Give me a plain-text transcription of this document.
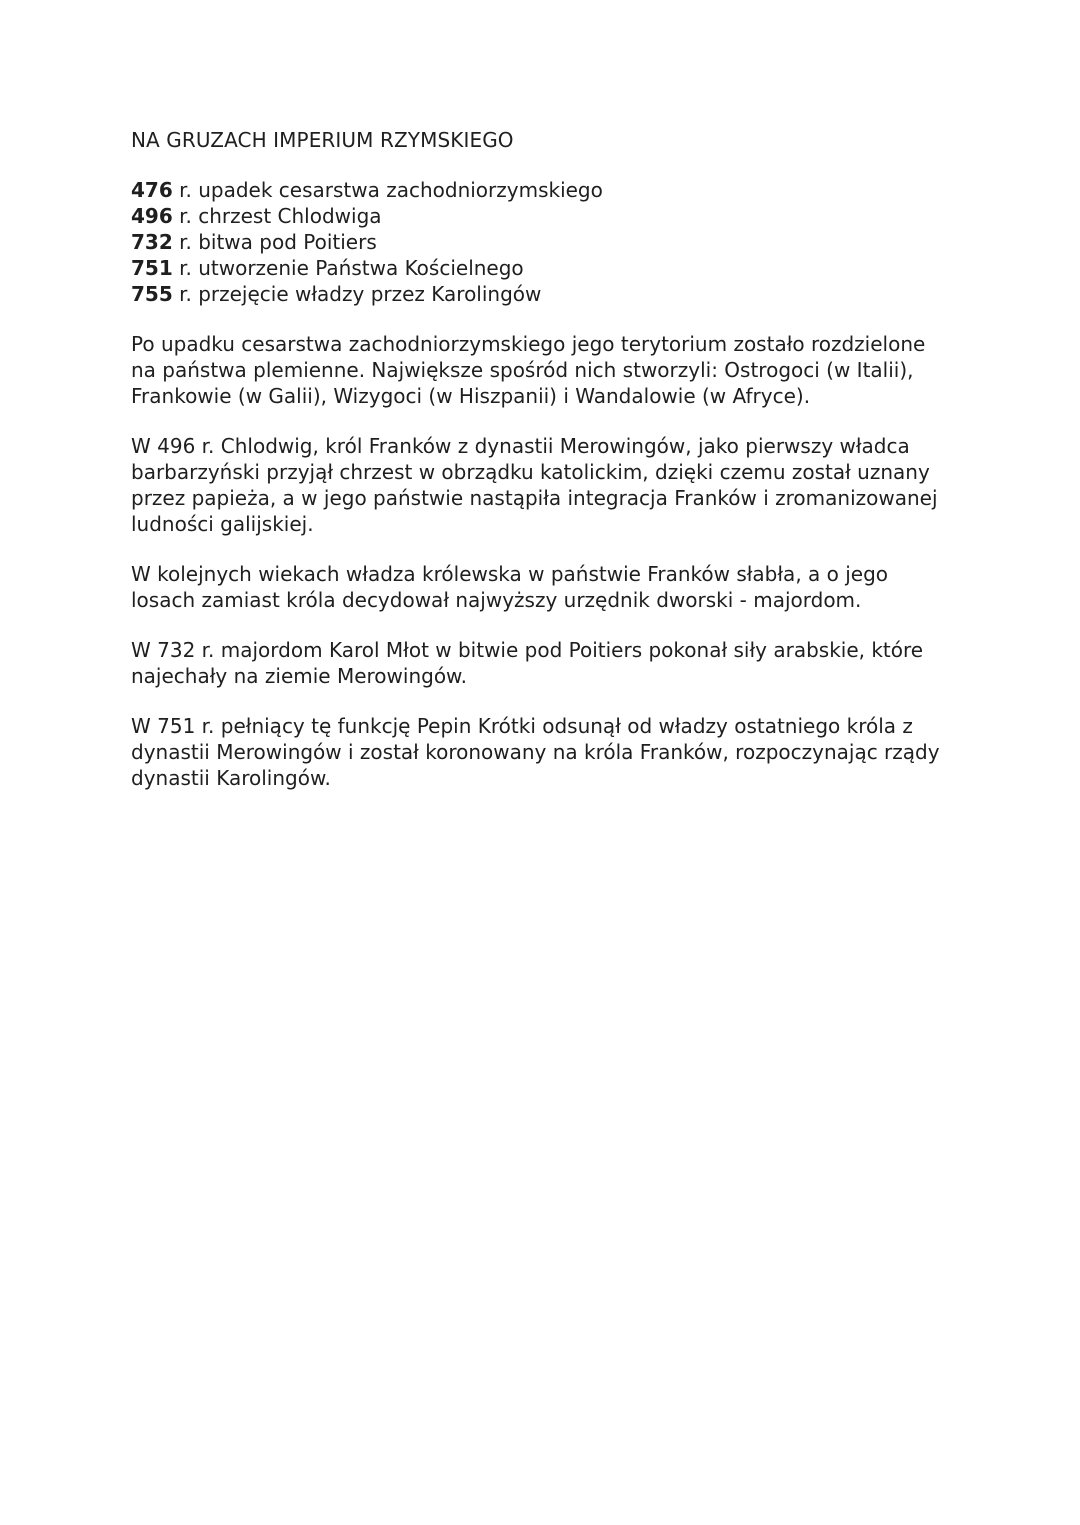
NA GRUZACH IMPERIUM RZYMSKIEGO
476 r. upadek cesarstwa zachodniorzymskiego
496 r. chrzest Chlodwiga
732 r. bitwa pod Poitiers
751 r. utworzenie Państwa Kościelnego
755 r. przejęcie władzy przez Karolingów

Po upadku cesarstwa zachodniorzymskiego jego terytorium zostało rozdzielone na państwa plemienne. Największe spośród nich stworzyli: Ostrogoci (w Italii), Frankowie (w Galii), Wizygoci (w Hiszpanii) i Wandalowie (w Afryce).

W 496 r. Chlodwig, król Franków z dynastii Merowingów, jako pierwszy władca barbarzyński przyjął chrzest w obrządku katolickim, dzięki czemu został uznany przez papieża, a w jego państwie nastąpiła integracja Franków i zromanizowanej ludności galijskiej.

W kolejnych wiekach władza królewska w państwie Franków słabła, a o jego losach zamiast króla decydował najwyższy urzędnik dworski - majordom.

W 732 r. majordom Karol Młot w bitwie pod Poitiers pokonał siły arabskie, które najechały na ziemie Merowingów.

W 751 r. pełniący tę funkcję Pepin Krótki odsunął od władzy ostatniego króla z dynastii Merowingów i został koronowany na króla Franków, rozpoczynając rządy dynastii Karolingów.
